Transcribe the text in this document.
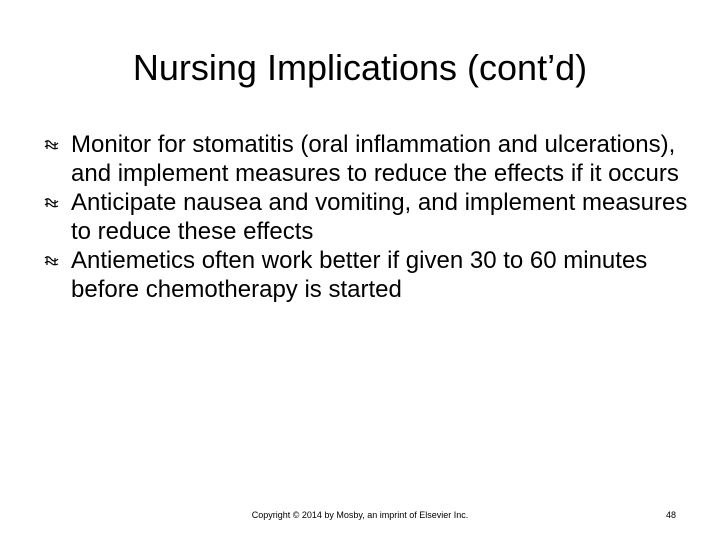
Nursing Implications (cont’d)
Monitor for stomatitis (oral inflammation and ulcerations), and implement measures to reduce the effects if it occurs
Anticipate nausea and vomiting, and implement measures to reduce these effects
Antiemetics often work better if given 30 to 60 minutes before chemotherapy is started
Copyright © 2014 by Mosby, an imprint of Elsevier Inc.	48
